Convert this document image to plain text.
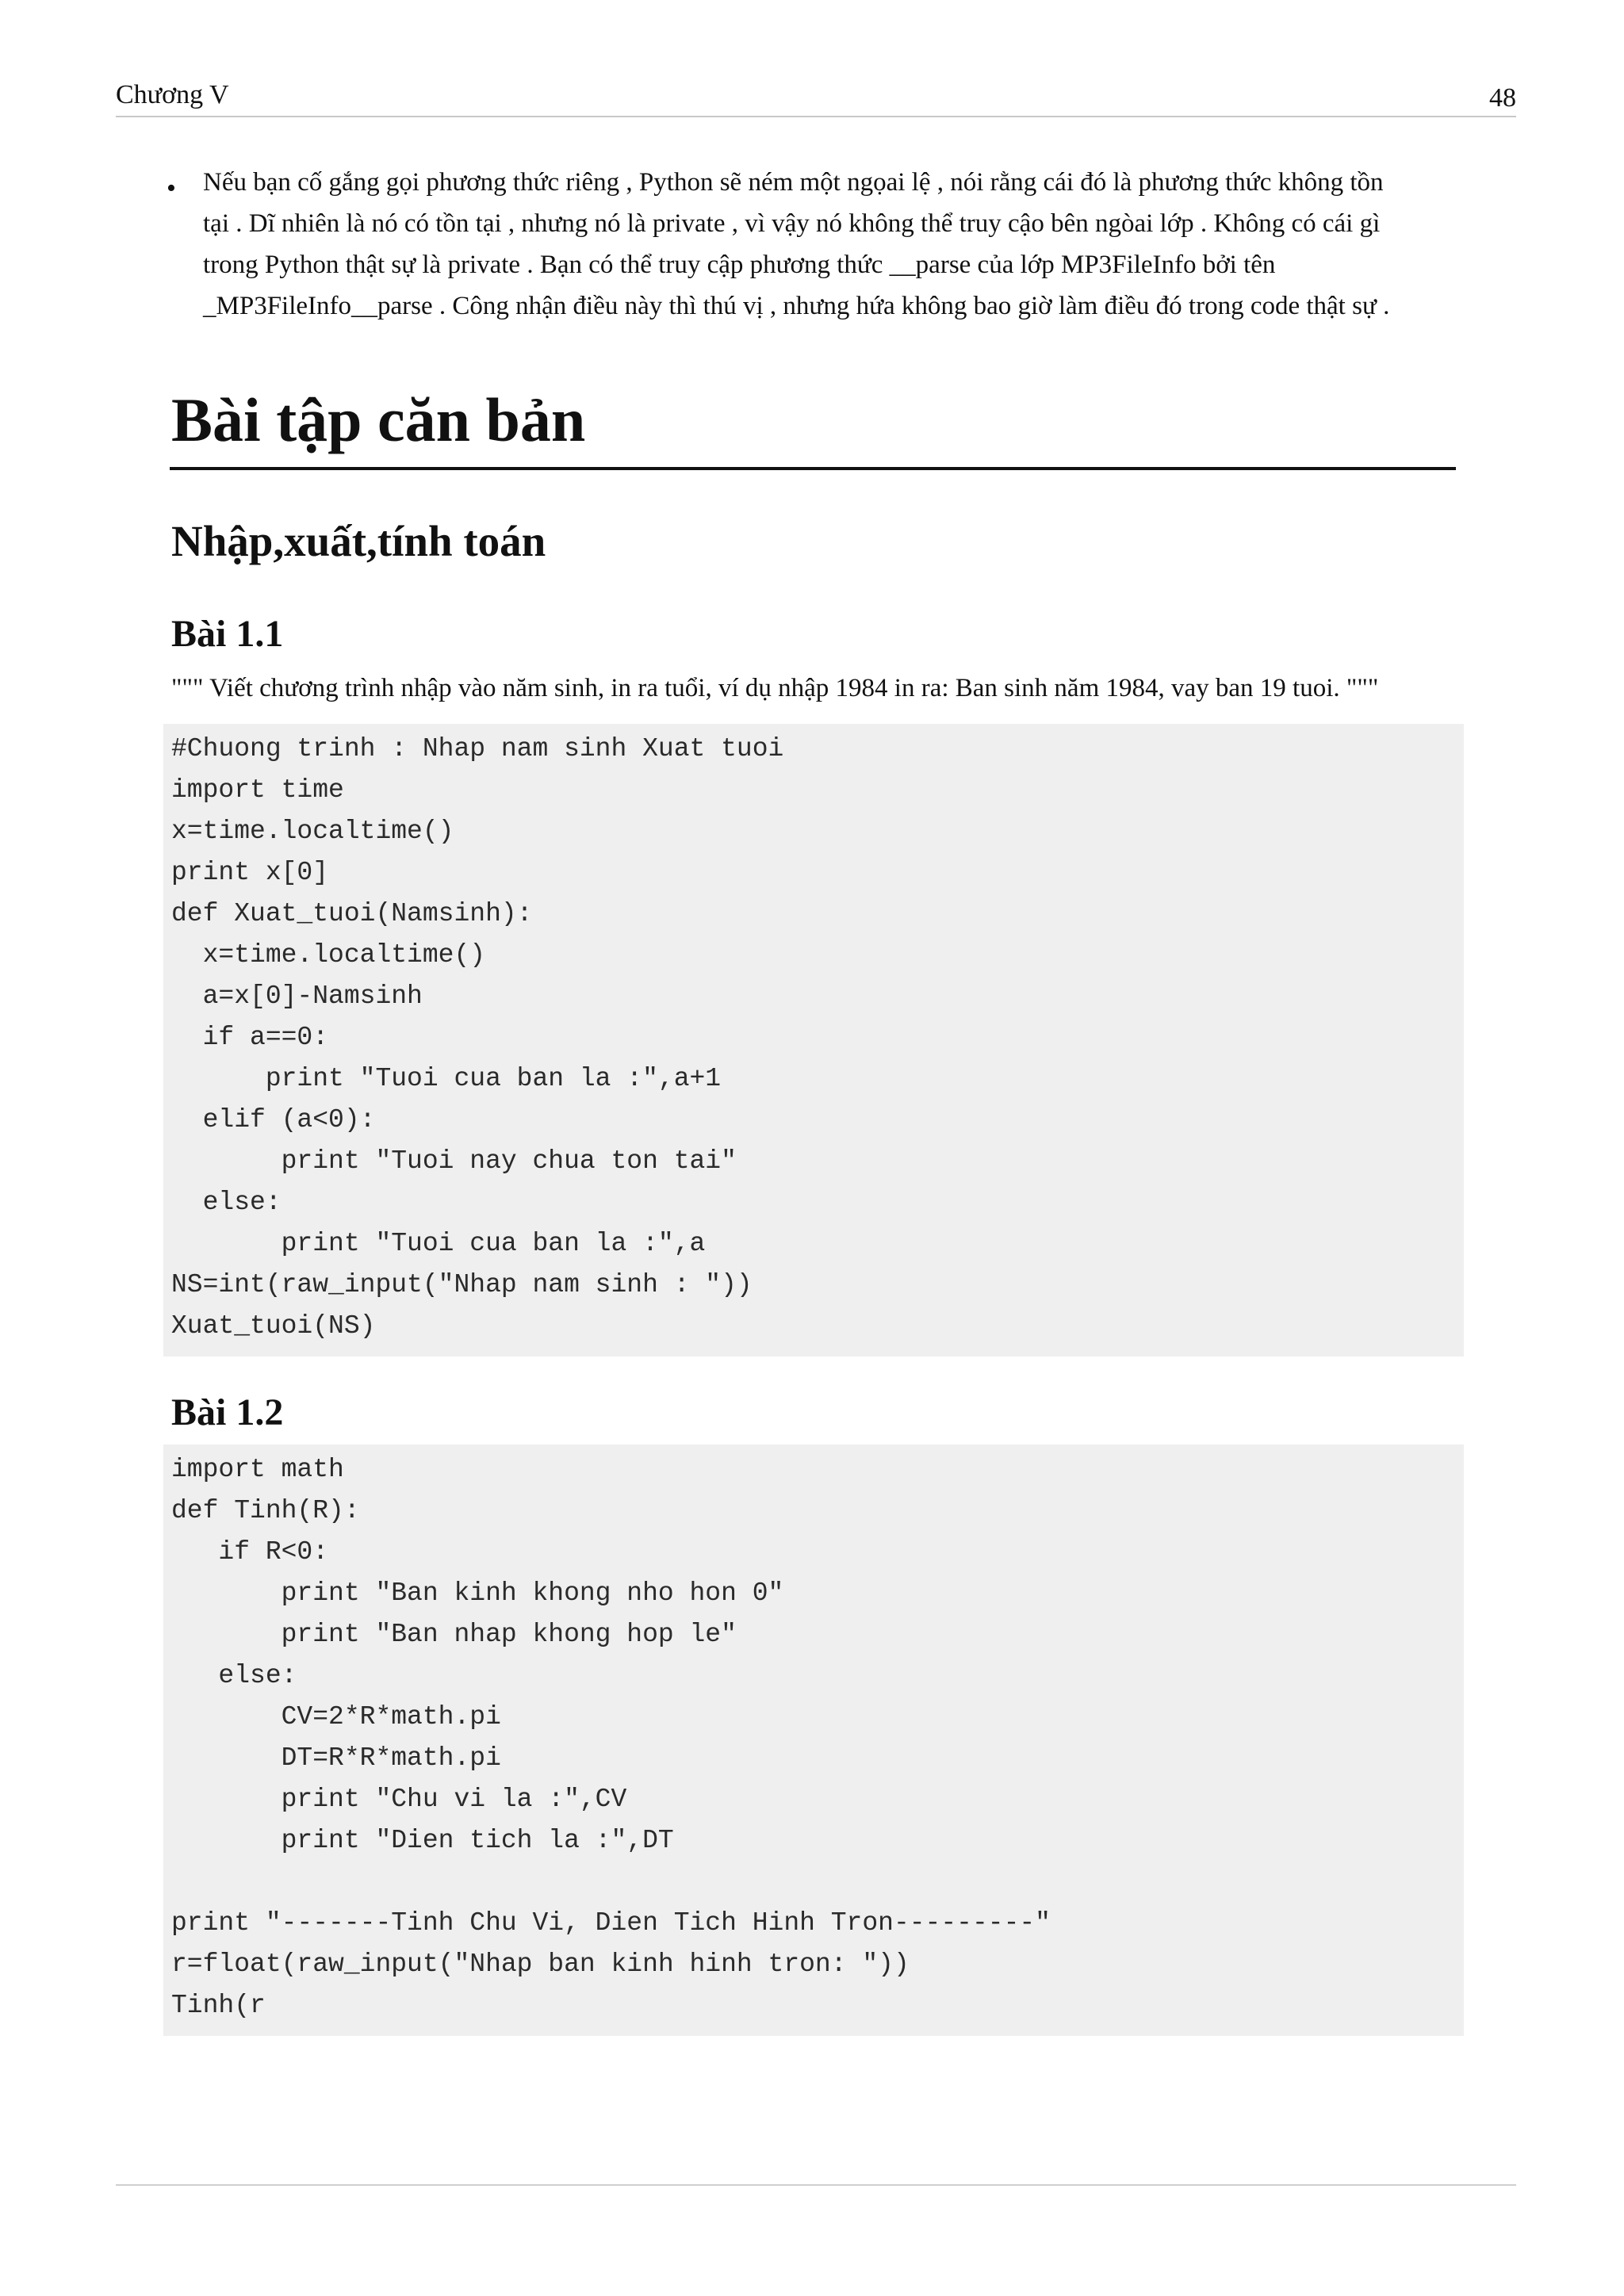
Chương V	48
• Nếu bạn cố gắng gọi phương thức riêng , Python sẽ ném một ngọai lệ , nói rằng cái đó là phương thức không tồn
tại . Dĩ nhiên là nó có tồn tại , nhưng nó là private , vì vậy nó không thể truy cậo bên ngòai lớp . Không có cái gì
trong Python thật sự là private . Bạn có thể truy cập phương thức __parse của lớp MP3FileInfo bởi tên
_MP3FileInfo__parse . Công nhận điều này thì thú vị , nhưng hứa không bao giờ làm điều đó trong code thật sự .
Bài tập căn bản
Nhập,xuất,tính toán
Bài 1.1
""" Viết chương trình nhập vào năm sinh, in ra tuổi, ví dụ nhập 1984 in ra: Ban sinh năm 1984, vay ban 19 tuoi. """
#Chuong trinh : Nhap nam sinh Xuat tuoi
import time
x=time.localtime()
print x[0]
def Xuat_tuoi(Namsinh):
x=time.localtime()
a=x[0]-Namsinh
if a==0:
print "Tuoi cua ban la :",a+1
elif (a<0):
print "Tuoi nay chua ton tai"
else:
print "Tuoi cua ban la :",a
NS=int(raw_input("Nhap nam sinh : "))
Xuat_tuoi(NS)
Bài 1.2
import math
def Tinh(R):
if R<0:
print "Ban kinh khong nho hon 0"
print "Ban nhap khong hop le"
else:
CV=2*R*math.pi
DT=R*R*math.pi
print "Chu vi la :",CV
print "Dien tich la :",DT
print "-------Tinh Chu Vi, Dien Tich Hinh Tron---------"
r=float(raw_input("Nhap ban kinh hinh tron: "))
Tinh(r
